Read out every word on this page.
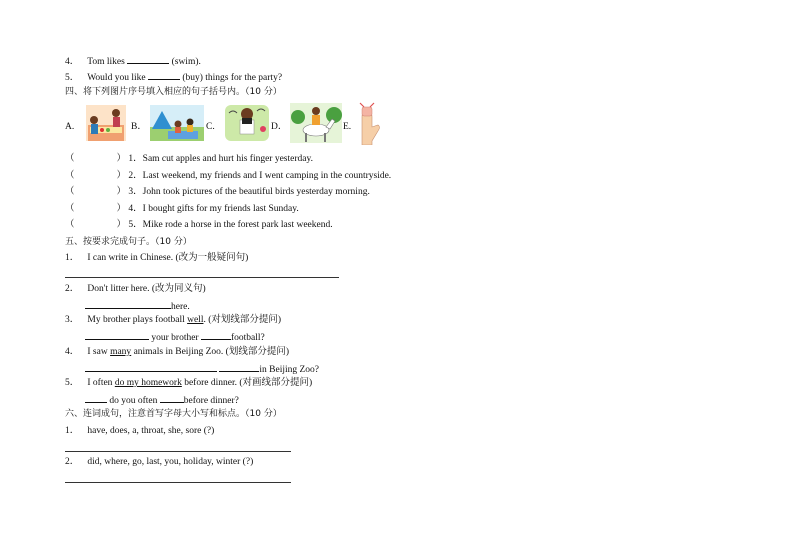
4． Tom likes	(swim).
5． Would you like	(buy) things for the party?
四、将下列图片序号填入相应的句子括号内。（10 分）
A.	B．	C.	D．	E.
（	） 1．Sam cut apples and hurt his finger yesterday.
（	） 2．Last weekend, my friends and I went camping in the countryside.
（	） 3．John took pictures of the beautiful birds yesterday morning.
（	） 4．I bought gifts for my friends last Sunday.
（	） 5．Mike rode a horse in the forest park last weekend.
五、按要求完成句子。（10 分）
1． I can write in Chinese. (改为一般疑问句)
2． Don't litter here. (改为同义句)
here.
3． My brother plays football well. (对划线部分提问)
your brother	football?
4． I saw many animals in Beijing Zoo. (划线部分提问)
in Beijing Zoo?
5． I often do my homework before dinner. (对画线部分提问)
do you often	before dinner?
六、连词成句，注意首写字母大小写和标点。（10 分）
1． have, does, a, throat, she, sore (?)
2． did, where, go, last, you, holiday, winter (?)
